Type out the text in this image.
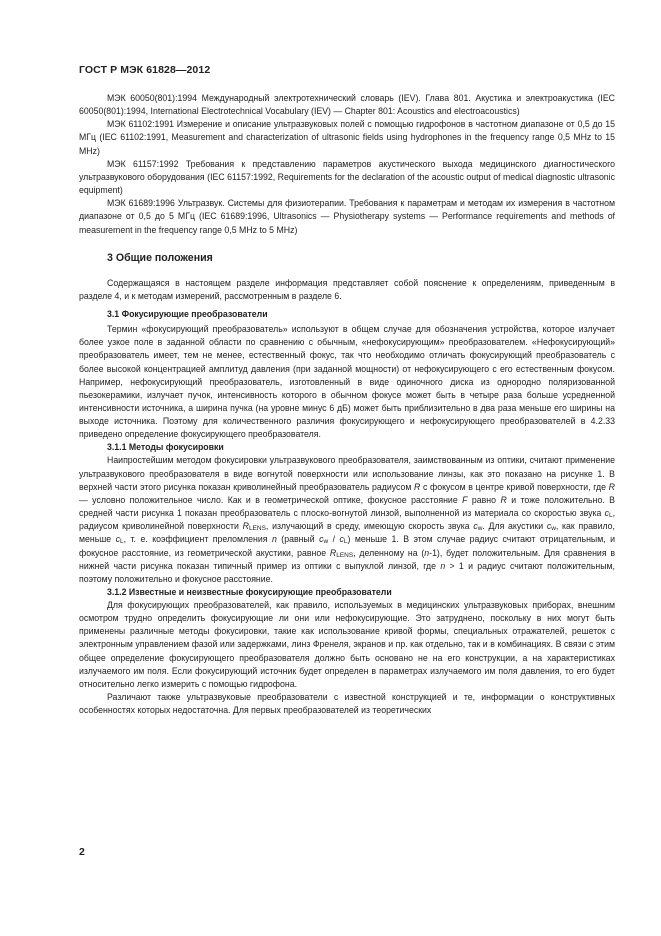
ГОСТ Р МЭК 61828—2012

МЭК 60050(801):1994 Международный электротехнический словарь (IEV). Глава 801. Акустика и электроакустика (IEC 60050(801):1994, International Electrotechnical Vocabulary (IEV) — Chapter 801: Acoustics and electroacoustics)

МЭК 61102:1991 Измерение и описание ультразвуковых полей с помощью гидрофонов в частотном диапазоне от 0,5 до 15 МГц (IEC 61102:1991, Measurement and characterization of ultrasonic fields using hydrophones in the frequency range 0,5 MHz to 15 MHz)

МЭК 61157:1992 Требования к представлению параметров акустического выхода медицинского диагностического ультразвукового оборудования (IEC 61157:1992, Requirements for the declaration of the acoustic output of medical diagnostic ultrasonic equipment)

МЭК 61689:1996 Ультразвук. Системы для физиотерапии. Требования к параметрам и методам их измерения в частотном диапазоне от 0,5 до 5 МГц (IEC 61689:1996, Ultrasonics — Physiotherapy systems — Performance requirements and methods of measurement in the frequency range 0,5 MHz to 5 MHz)

3 Общие положения

Содержащаяся в настоящем разделе информация представляет собой пояснение к определениям, приведенным в разделе 4, и к методам измерений, рассмотренным в разделе 6.

3.1 Фокусирующие преобразователи

Термин «фокусирующий преобразователь» используют в общем случае для обозначения устройства, которое излучает более узкое поле в заданной области по сравнению с обычным, «нефокусирующим» преобразователем. «Нефокусирующий» преобразователь имеет, тем не менее, естественный фокус, так что необходимо отличать фокусирующий преобразователь с более высокой концентрацией амплитуд давления (при заданной мощности) от нефокусирующего с его естественным фокусом. Например, нефокусирующий преобразователь, изготовленный в виде одиночного диска из однородно поляризованной пьезокерамики, излучает пучок, интенсивность которого в обычном фокусе может быть в четыре раза больше усредненной интенсивности источника, а ширина пучка (на уровне минус 6 дБ) может быть приблизительно в два раза меньше его ширины на выходе источника. Поэтому для количественного различия фокусирующего и нефокусирующего преобразователей в 4.2.33 приведено определение фокусирующего преобразователя.

3.1.1 Методы фокусировки

Наипростейшим методом фокусировки ультразвукового преобразователя, заимствованным из оптики, считают применение ультразвукового преобразователя в виде вогнутой поверхности или использование линзы, как это показано на рисунке 1. В верхней части этого рисунка показан криволинейный преобразователь радиусом R с фокусом в центре кривой поверхности, где R — условно положительное число. Как и в геометрической оптике, фокусное расстояние F равно R и тоже положительно. В средней части рисунка 1 показан преобразователь с плоско-вогнутой линзой, выполненной из материала со скоростью звука $c_L$, радиусом криволинейной поверхности $R_{LENS}$, излучающий в среду, имеющую скорость звука $c_w$. Для акустики $c_w$, как правило, меньше $c_L$, т. е. коэффициент преломления n (равный $c_w / c_L$) меньше 1. В этом случае радиус считают отрицательным, и фокусное расстояние, из геометрической акустики, равное $R_{LENS}$, деленному на (n-1), будет положительным. Для сравнения в нижней части рисунка показан типичный пример из оптики с выпуклой линзой, где n > 1 и радиус считают положительным, поэтому положительно и фокусное расстояние.

3.1.2 Известные и неизвестные фокусирующие преобразователи

Для фокусирующих преобразователей, как правило, используемых в медицинских ультразвуковых приборах, внешним осмотром трудно определить фокусирующие ли они или нефокусирующие. Это затруднено, поскольку в них могут быть применены различные методы фокусировки, такие как использование кривой формы, специальных отражателей, решеток с электронным управлением фазой или задержками, линз Френеля, экранов и пр. как отдельно, так и в комбинациях. В связи с этим общее определение фокусирующего преобразователя должно быть основано не на его конструкции, а на характеристиках излучаемого им поля. Если фокусирующий источник будет определен в параметрах излучаемого им поля давления, то его будет относительно легко измерить с помощью гидрофона.

Различают также ультразвуковые преобразователи с известной конструкцией и те, информации о конструктивных особенностях которых недостаточна. Для первых преобразователей из теоретических

2
